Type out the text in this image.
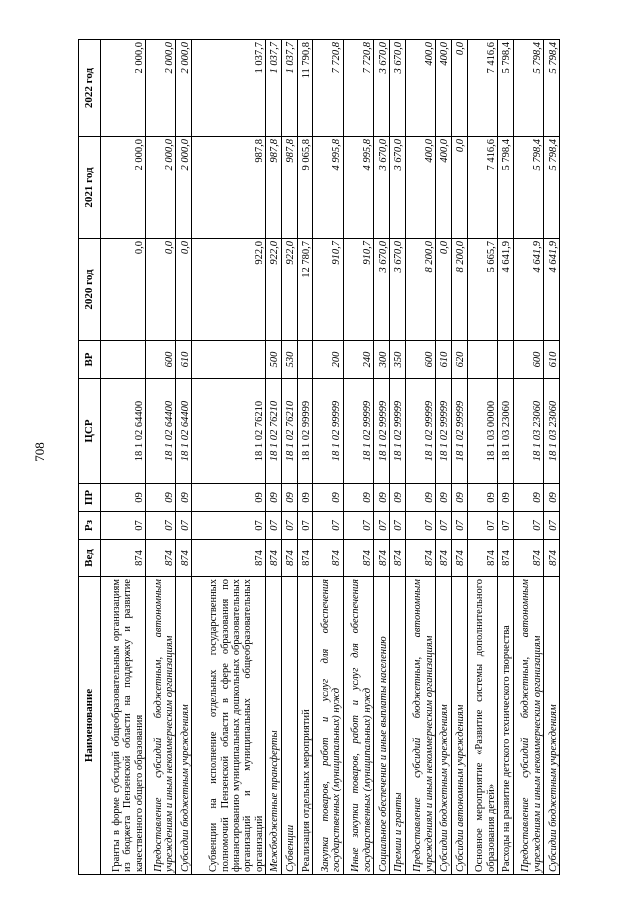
708
Наименование	Вед	Рз	ПР	ЦСР	ВР	2020 год	2021 год	2022 год
Гранты в форме субсидий общеобразовательным организациям из бюджета Пензенской области на поддержку и развитие качественного общего образования	874	07	09	18 1 02 64400		0,0	2 000,0	2 000,0
Предоставление субсидий бюджетным, автономным учреждениям и иным некоммерческим организациям	874	07	09	18 1 02 64400	600	0,0	2 000,0	2 000,0
Субсидии бюджетным учреждениям	874	07	09	18 1 02 64400	610	0,0	2 000,0	2 000,0
Субвенции на исполнение отдельных государственных полномочий Пензенской области в сфере образования по финансированию муниципальных дошкольных образовательных организаций и муниципальных общеобразовательных организаций	874	07	09	18 1 02 76210		922,0	987,8	1 037,7
Межбюджетные трансферты	874	07	09	18 1 02 76210	500	922,0	987,8	1 037,7
Субвенции	874	07	09	18 1 02 76210	530	922,0	987,8	1 037,7
Реализация отдельных мероприятий	874	07	09	18 1 02 99999		12 780,7	9 065,8	11 790,8
Закупка товаров, работ и услуг для обеспечения государственных (муниципальных) нужд	874	07	09	18 1 02 99999	200	910,7	4 995,8	7 720,8
Иные закупки товаров, работ и услуг для обеспечения государственных (муниципальных) нужд	874	07	09	18 1 02 99999	240	910,7	4 995,8	7 720,8
Социальное обеспечение и иные выплаты населению	874	07	09	18 1 02 99999	300	3 670,0	3 670,0	3 670,0
Премии и гранты	874	07	09	18 1 02 99999	350	3 670,0	3 670,0	3 670,0
Предоставление субсидий бюджетным, автономным учреждениям и иным некоммерческим организациям	874	07	09	18 1 02 99999	600	8 200,0	400,0	400,0
Субсидии бюджетным учреждениям	874	07	09	18 1 02 99999	610	0,0	400,0	400,0
Субсидии автономным учреждениям	874	07	09	18 1 02 99999	620	8 200,0	0,0	0,0
Основное мероприятие «Развитие системы дополнительного образования детей»	874	07	09	18 1 03 00000		5 665,7	7 416,6	7 416,6
Расходы на развитие детского технического творчества	874	07	09	18 1 03 23060		4 641,9	5 798,4	5 798,4
Предоставление субсидий бюджетным, автономным учреждениям и иным некоммерческим организациям	874	07	09	18 1 03 23060	600	4 641,9	5 798,4	5 798,4
Субсидии бюджетным учреждениям	874	07	09	18 1 03 23060	610	4 641,9	5 798,4	5 798,4
